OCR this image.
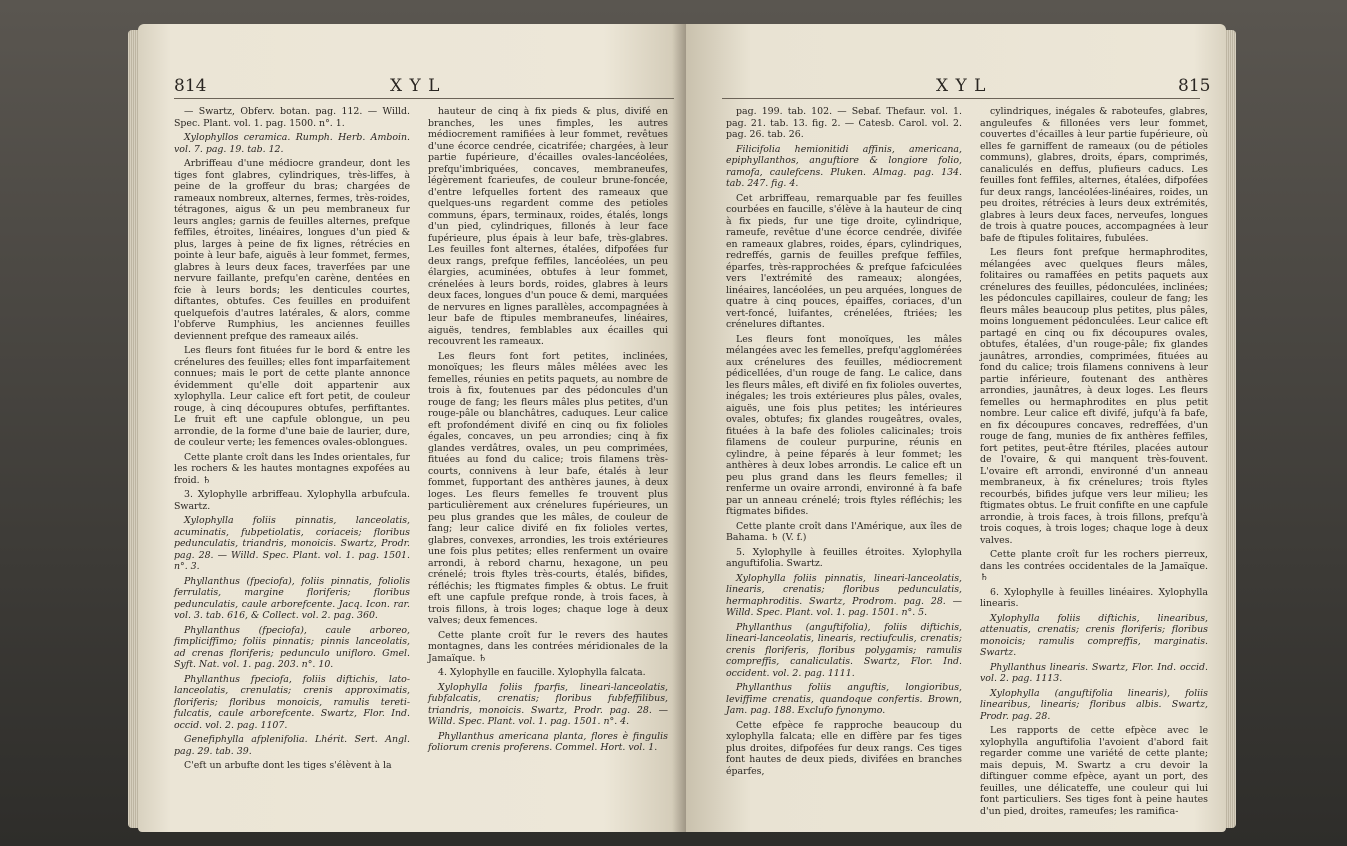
814	X Y L

— Swartz, Obferv. botan. pag. 112. — Willd. Spec. Plant. vol. 1. pag. 1500. n°. 1.

Xylophyllos ceramica. Rumph. Herb. Amboin. vol. 7. pag. 19. tab. 12.

Arbriffeau d'une médiocre grandeur, dont les tiges font glabres, cylindriques, très-liffes, à peine de la groffeur du bras; chargées de rameaux nombreux, alternes, fermes, très-roides, tétragones, aigus & un peu membraneux fur leurs angles; garnis de feuilles alternes, prefque feffiles, étroites, linéaires, longues d'un pied & plus, larges à peine de fix lignes, rétrécies en pointe à leur bafe, aiguës à leur fommet, fermes, glabres à leurs deux faces, traverfées par une nervure faillante, prefqu'en carène, dentées en fcie à leurs bords; les denticules courtes, diftantes, obtufes. Ces feuilles en produifent quelquefois d'autres latérales, & alors, comme l'obferve Rumphius, les anciennes feuilles deviennent prefque des rameaux ailés.

Les fleurs font fituées fur le bord & entre les crénelures des feuilles; elles font imparfaitement connues; mais le port de cette plante annonce évidemment qu'elle doit appartenir aux xylophylla. Leur calice eft fort petit, de couleur rouge, à cinq découpures obtufes, perfiftantes. Le fruit eft une capfule oblongue, un peu arrondie, de la forme d'une baie de laurier, dure, de couleur verte; les femences ovales-oblongues.

Cette plante croît dans les Indes orientales, fur les rochers & les hautes montagnes expofées au froid. ♄

3. Xylophylle arbriffeau. Xylophylla arbufcula. Swartz.

Xylophylla foliis pinnatis, lanceolatis, acuminatis, fubpetiolatis, coriaceis; floribus pedunculatis, triandris, monoicis. Swartz, Prodr. pag. 28. — Willd. Spec. Plant. vol. 1. pag. 1501. n°. 3.

Phyllanthus (fpeciofa), foliis pinnatis, foliolis ferrulatis, margine floriferis; floribus pedunculatis, caule arborefcente. Jacq. Icon. rar. vol. 3. tab. 616, & Collect. vol. 2. pag. 360.

Phyllanthus (fpeciofa), caule arboreo, fimpliciffimo; foliis pinnatis; pinnis lanceolatis, ad crenas floriferis; pedunculo unifloro. Gmel. Syft. Nat. vol. 1. pag. 203. n°. 10.

Phyllanthus fpeciofa, foliis diftichis, lato-lanceolatis, crenulatis; crenis approximatis, floriferis; floribus monoicis, ramulis tereti-fulcatis, caule arborefcente. Swartz, Flor. Ind. occid. vol. 2. pag. 1107.

Genefiphylla afplenifolia. Lhérit. Sert. Angl. pag. 29. tab. 39.

C'eft un arbufte dont les tiges s'élèvent à la

hauteur de cinq à fix pieds & plus, divifé en branches, les unes fimples, les autres médiocrement ramifiées à leur fommet, revêtues d'une écorce cendrée, cicatrifée; chargées, à leur partie fupérieure, d'écailles ovales-lancéolées, prefqu'imbriquées, concaves, membraneufes, légèrement fcarieufes, de couleur brune-foncée, d'entre lefquelles fortent des rameaux que quelques-uns regardent comme des petioles communs, épars, terminaux, roides, étalés, longs d'un pied, cylindriques, fillonés à leur face fupérieure, plus épais à leur bafe, très-glabres. Les feuilles font alternes, étalées, difpofées fur deux rangs, prefque feffiles, lancéolées, un peu élargies, acuminées, obtufes à leur fommet, crénelées à leurs bords, roides, glabres à leurs deux faces, longues d'un pouce & demi, marquées de nervures en lignes parallèles, accompagnées à leur bafe de ftipules membraneufes, linéaires, aiguës, tendres, femblables aux écailles qui recouvrent les rameaux.

Les fleurs font fort petites, inclinées, monoïques; les fleurs mâles mêlées avec les femelles, réunies en petits paquets, au nombre de trois à fix, foutenues par des pédoncules d'un rouge de fang; les fleurs mâles plus petites, d'un rouge-pâle ou blanchâtres, caduques. Leur calice eft profondément divifé en cinq ou fix folioles égales, concaves, un peu arrondies; cinq à fix glandes verdâtres, ovales, un peu comprimées, fituées au fond du calice; trois filamens très-courts, connivens à leur bafe, étalés à leur fommet, fupportant des anthères jaunes, à deux loges. Les fleurs femelles fe trouvent plus particulièrement aux crénelures fupérieures, un peu plus grandes que les mâles, de couleur de fang; leur calice divifé en fix folioles vertes, glabres, convexes, arrondies, les trois extérieures une fois plus petites; elles renferment un ovaire arrondi, à rebord charnu, hexagone, un peu crénelé; trois ftyles très-courts, étalés, bifides, réfléchis; les ftigmates fimples & obtus. Le fruit eft une capfule prefque ronde, à trois faces, à trois fillons, à trois loges; chaque loge à deux valves; deux femences.

Cette plante croît fur le revers des hautes montagnes, dans les contrées méridionales de la Jamaïque. ♄

4. Xylophylle en faucille. Xylophylla falcata.

Xylophylla foliis fparfis, lineari-lanceolatis, fubfalcatis, crenatis; floribus fubfeffilibus, triandris, monoicis. Swartz, Prodr. pag. 28. — Willd. Spec. Plant. vol. 1. pag. 1501. n°. 4.

Phyllanthus americana planta, flores è fingulis foliorum crenis proferens. Commel. Hort. vol. 1.

X Y L	815

pag. 199. tab. 102. — Sebaf. Thefaur. vol. 1. pag. 21. tab. 13. fig. 2. — Catesb. Carol. vol. 2. pag. 26. tab. 26.

Filicifolia hemionitidi affinis, americana, epiphyllanthos, anguftiore & longiore folio, ramofa, caulefcens. Pluken. Almag. pag. 134. tab. 247. fig. 4.

Cet arbriffeau, remarquable par fes feuilles courbées en faucille, s'élève à la hauteur de cinq à fix pieds, fur une tige droite, cylindrique, rameufe, revêtue d'une écorce cendrée, divifée en rameaux glabres, roides, épars, cylindriques, redreffés, garnis de feuilles prefque feffiles, éparfes, très-rapprochées & prefque fafciculées vers l'extrémité des rameaux; alongées, linéaires, lancéolées, un peu arquées, longues de quatre à cinq pouces, épaiffes, coriaces, d'un vert-foncé, luifantes, crénelées, ftriées; les crénelures diftantes.

Les fleurs font monoïques, les mâles mélangées avec les femelles, prefqu'agglomérées aux crénelures des feuilles, médiocrement pédicellées, d'un rouge de fang. Le calice, dans les fleurs mâles, eft divifé en fix folioles ouvertes, inégales; les trois extérieures plus pâles, ovales, aiguës, une fois plus petites; les intérieures ovales, obtufes; fix glandes rougeâtres, ovales, fituées à la bafe des folioles calicinales; trois filamens de couleur purpurine, réunis en cylindre, à peine féparés à leur fommet; les anthères à deux lobes arrondis. Le calice eft un peu plus grand dans les fleurs femelles; il renferme un ovaire arrondi, environné à fa bafe par un anneau crénelé; trois ftyles réfléchis; les ftigmates bifides.

Cette plante croît dans l'Amérique, aux îles de Bahama. ♄ (V. f.)

5. Xylophylle à feuilles étroites. Xylophylla anguftifolia. Swartz.

Xylophylla foliis pinnatis, lineari-lanceolatis, linearis, crenatis; floribus pedunculatis, hermaphroditis. Swartz, Prodrom. pag. 28. — Willd. Spec. Plant. vol. 1. pag. 1501. n°. 5.

Phyllanthus (anguftifolia), foliis diftichis, lineari-lanceolatis, linearis, rectiufculis, crenatis; crenis floriferis, floribus polygamis; ramulis compreffis, canaliculatis. Swartz, Flor. Ind. occident. vol. 2. pag. 1111.

Phyllanthus foliis anguftis, longioribus, leviffime crenatis, quandoque confertis. Brown, Jam. pag. 188. Exclufo fynonymo.

Cette efpèce fe rapproche beaucoup du xylophylla falcata; elle en diffère par fes tiges plus droites, difpofées fur deux rangs. Ces tiges font hautes de deux pieds, divifées en branches éparfes,

cylindriques, inégales & raboteufes, glabres, anguleufes & fillonées vers leur fommet, couvertes d'écailles à leur partie fupérieure, où elles fe garniffent de rameaux (ou de pétioles communs), glabres, droits, épars, comprimés, canaliculés en deffus, plufieurs caducs. Les feuilles font feffiles, alternes, étalées, difpofées fur deux rangs, lancéolées-linéaires, roides, un peu droites, rétrécies à leurs deux extrémités, glabres à leurs deux faces, nerveufes, longues de trois à quatre pouces, accompagnées à leur bafe de ftipules folitaires, fubulées.

Les fleurs font prefque hermaphrodites, mélangées avec quelques fleurs mâles, folitaires ou ramaffées en petits paquets aux crénelures des feuilles, pédonculées, inclinées; les pédoncules capillaires, couleur de fang; les fleurs mâles beaucoup plus petites, plus pâles, moins longuement pédonculées. Leur calice eft partagé en cinq ou fix découpures ovales, obtufes, étalées, d'un rouge-pâle; fix glandes jaunâtres, arrondies, comprimées, fituées au fond du calice; trois filamens connivens à leur partie inférieure, foutenant des anthères arrondies, jaunâtres, à deux loges. Les fleurs femelles ou hermaphrodites en plus petit nombre. Leur calice eft divifé, jufqu'à fa bafe, en fix découpures concaves, redreffées, d'un rouge de fang, munies de fix anthères feffiles, fort petites, peut-être ftériles, placées autour de l'ovaire, & qui manquent très-fouvent. L'ovaire eft arrondi, environné d'un anneau membraneux, à fix crénelures; trois ftyles recourbés, bifides jufque vers leur milieu; les ftigmates obtus. Le fruit confifte en une capfule arrondie, à trois faces, à trois fillons, prefqu'à trois coques, à trois loges; chaque loge à deux valves.

Cette plante croît fur les rochers pierreux, dans les contrées occidentales de la Jamaïque. ♄

6. Xylophylle à feuilles linéaires. Xylophylla linearis.

Xylophylla foliis diftichis, linearibus, attenuatis, crenatis; crenis floriferis; floribus monoicis; ramulis compreffis, marginatis. Swartz.

Phyllanthus linearis. Swartz, Flor. Ind. occid. vol. 2. pag. 1113.

Xylophylla (anguftifolia linearis), foliis linearibus, linearis; floribus albis. Swartz, Prodr. pag. 28.

Les rapports de cette efpèce avec le xylophylla anguftifolia l'avoient d'abord fait regarder comme une variété de cette plante; mais depuis, M. Swartz a cru devoir la diftinguer comme efpèce, ayant un port, des feuilles, une délicateffe, une couleur qui lui font particuliers. Ses tiges font à peine hautes d'un pied, droites, rameufes; les ramifica-
